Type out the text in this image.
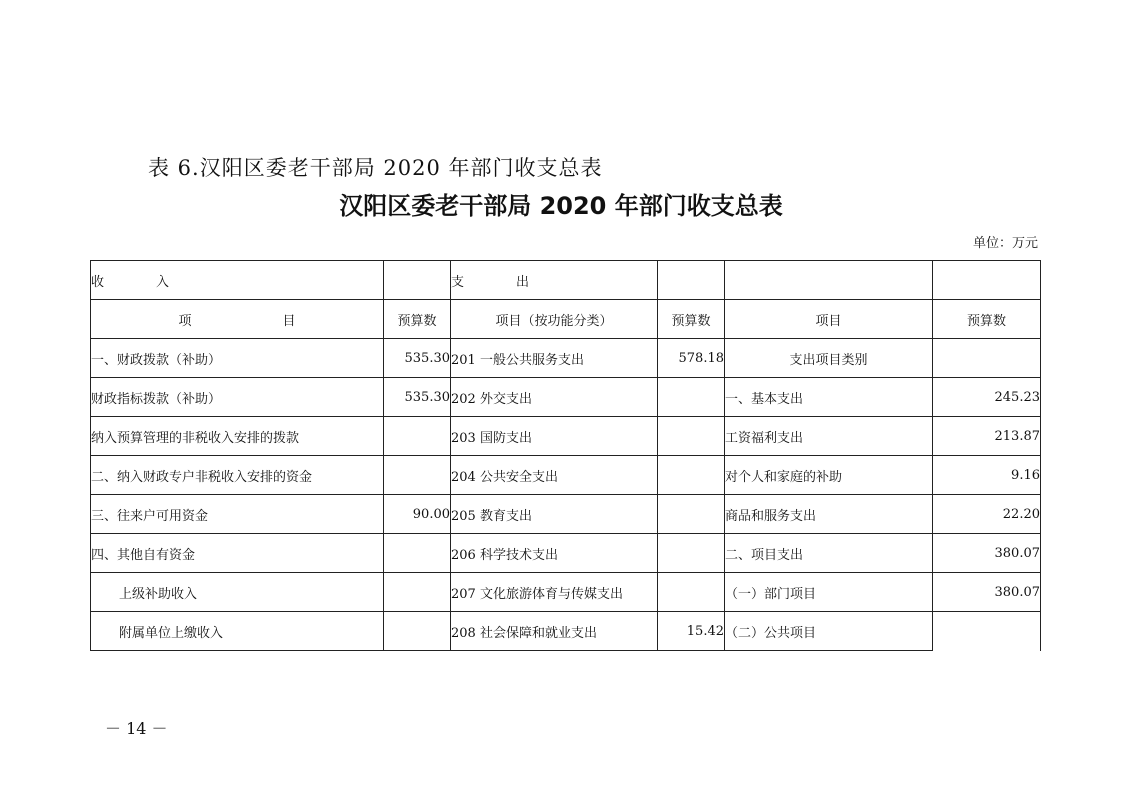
表 6.汉阳区委老干部局 2020 年部门收支总表
汉阳区委老干部局 2020 年部门收支总表
单位：万元
收　　　　入		支　　　　出			
项　　　　　　　目	预算数	项目（按功能分类）	预算数	项目	预算数
一、财政拨款（补助）	535.30	201 一般公共服务支出	578.18	支出项目类别	
财政指标拨款（补助）	535.30	202 外交支出		一、基本支出	245.23
纳入预算管理的非税收入安排的拨款		203 国防支出		工资福利支出	213.87
二、纳入财政专户非税收入安排的资金		204 公共安全支出		对个人和家庭的补助	9.16
三、往来户可用资金	90.00	205 教育支出		商品和服务支出	22.20
四、其他自有资金		206 科学技术支出		二、项目支出	380.07
上级补助收入		207 文化旅游体育与传媒支出		（一）部门项目	380.07
附属单位上缴收入		208 社会保障和就业支出	15.42	（二）公共项目	
－ 14 －
